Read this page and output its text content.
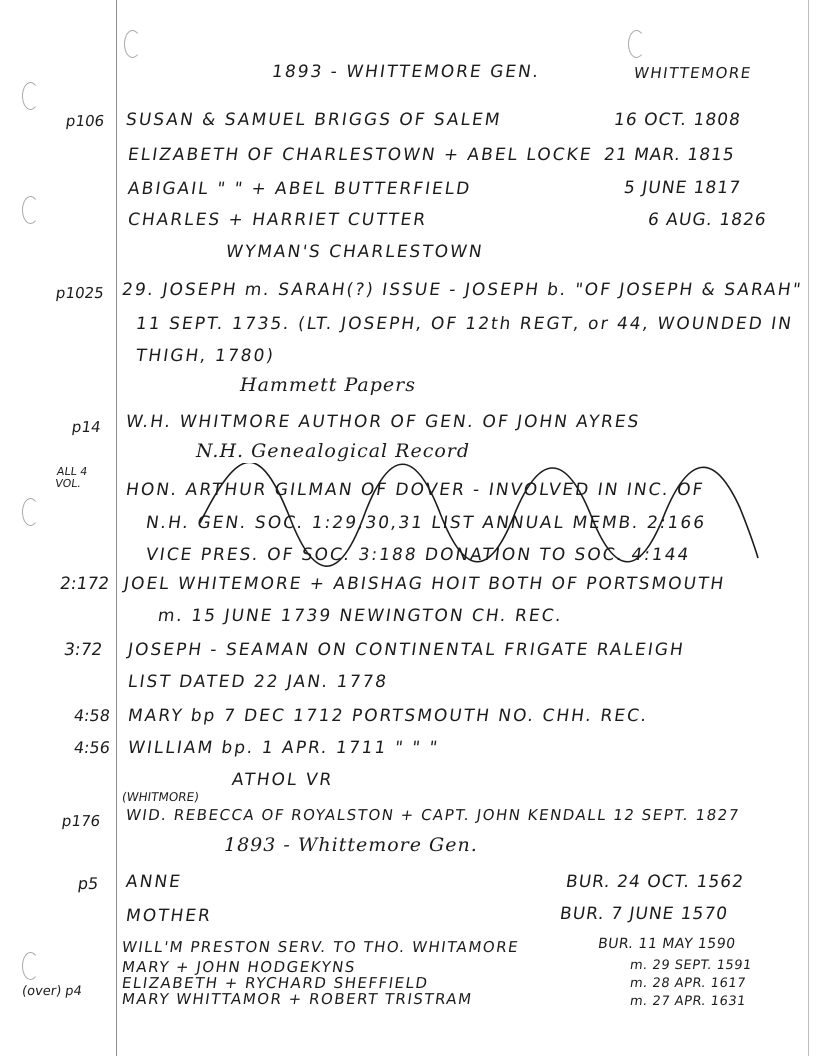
1893 - WHITTEMORE GEN.	WHITTEMORE
p106 SUSAN & SAMUEL BRIGGS OF SALEM	16 OCT. 1808
ELIZABETH OF CHARLESTOWN + ABEL LOCKE 21 MAR. 1815
ABIGAIL " " + ABEL BUTTERFIELD	5 JUNE 1817
CHARLES + HARRIET CUTTER	6 AUG. 1826
WYMAN'S CHARLESTOWN
p1025 29. JOSEPH m. SARAH(?) ISSUE - JOSEPH b. "OF JOSEPH & SARAH"
11 SEPT. 1735. (LT. JOSEPH, OF 12th REGT, or 44, WOUNDED IN
THIGH, 1780)
Hammett Papers
p14 W.H. WHITMORE AUTHOR OF GEN. OF JOHN AYRES
N.H. Genealogical Record
ALL 4 VOL.	HON. ARTHUR GILMAN OF DOVER - INVOLVED IN INC. OF
N.H. GEN. SOC. 1:29,30,31 LIST ANNUAL MEMB. 2:166
VICE PRES. OF SOC. 3:188 DONATION TO SOC. 4:144
2:172 JOEL WHITEMORE + ABISHAG HOIT BOTH OF PORTSMOUTH
m. 15 JUNE 1739 NEWINGTON CH. REC.
3:72 JOSEPH - SEAMAN ON CONTINENTAL FRIGATE RALEIGH
LIST DATED 22 JAN. 1778
4:58 MARY bp 7 DEC 1712 PORTSMOUTH NO. CHH. REC.
4:56 WILLIAM bp. 1 APR. 1711 " " "
ATHOL VR
(WHITMORE)
p176 WID. REBECCA OF ROYALSTON + CAPT. JOHN KENDALL 12 SEPT. 1827
1893 - Whittemore Gen.
p5 ANNE	BUR. 24 OCT. 1562
MOTHER	BUR. 7 JUNE 1570
WILL'M PRESTON SERV. TO THO. WHITAMORE	BUR. 11 MAY 1590
MARY + JOHN HODGEKYNS	m. 29 SEPT. 1591
ELIZABETH + RYCHARD SHEFFIELD	m. 28 APR. 1617
(over) p4	MARY WHITTAMOR + ROBERT TRISTRAM	m. 27 APR. 1631
